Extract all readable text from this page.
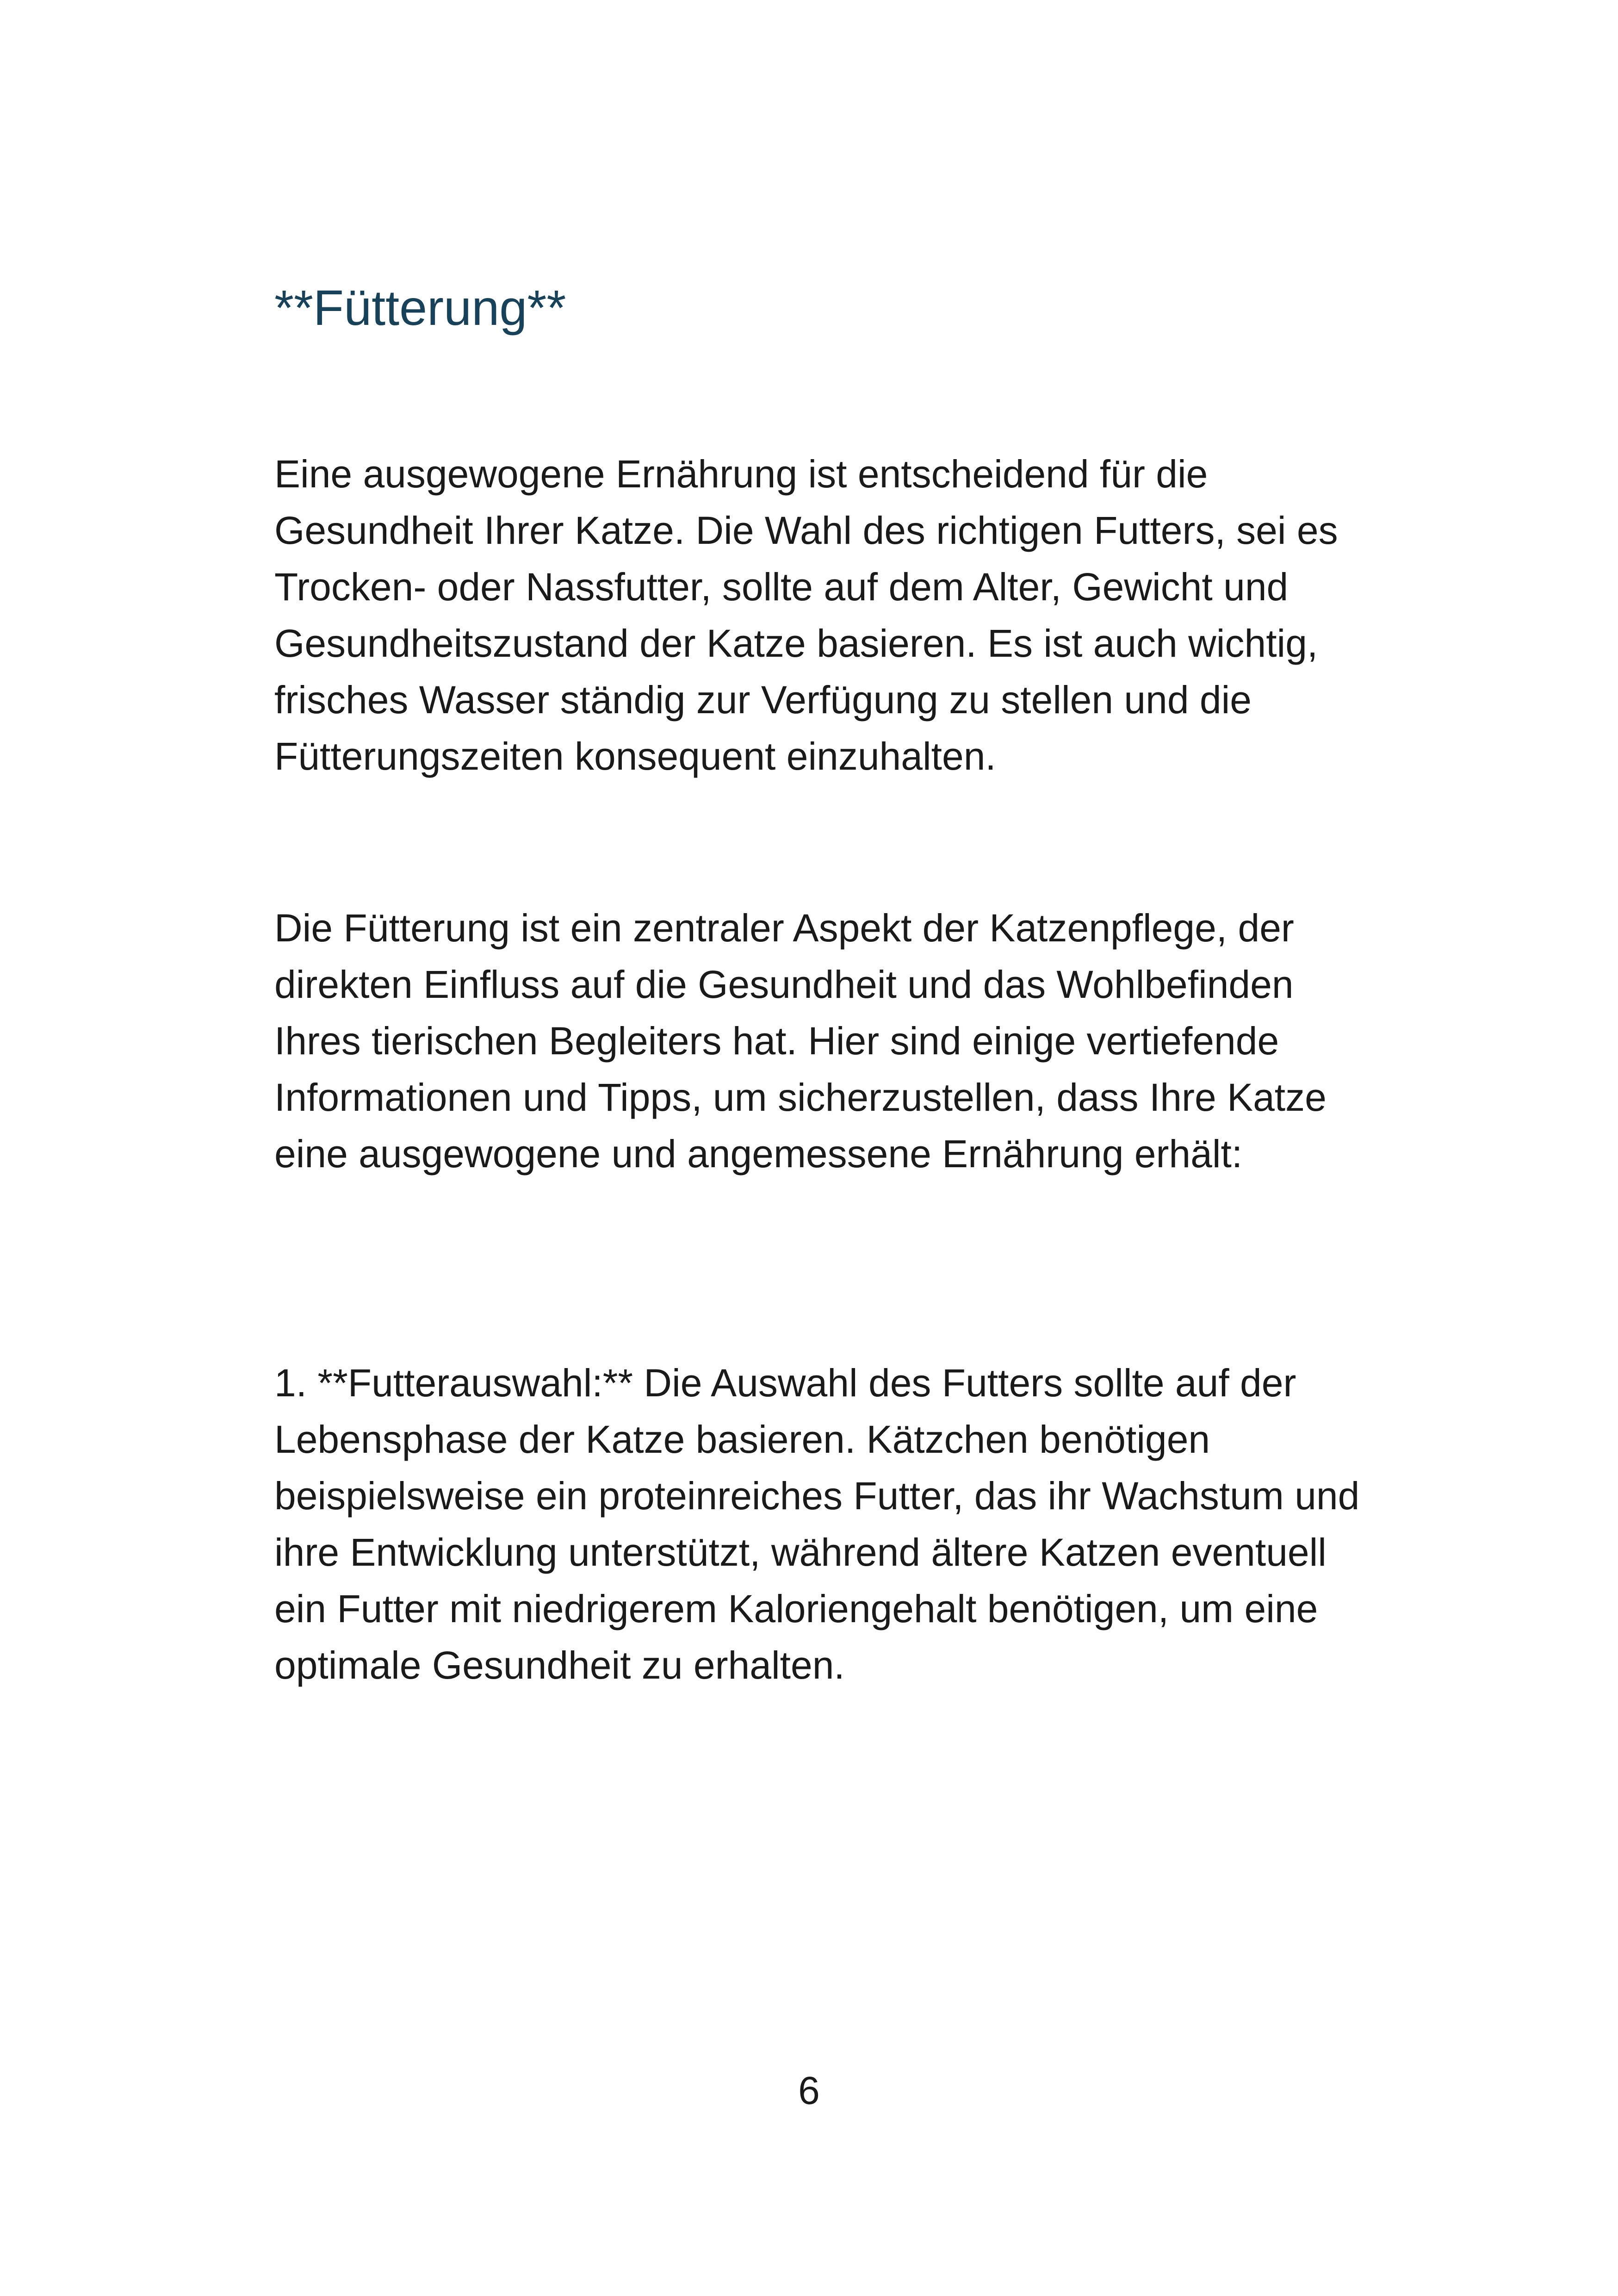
**Fütterung**

Eine ausgewogene Ernährung ist entscheidend für die Gesundheit Ihrer Katze. Die Wahl des richtigen Futters, sei es Trocken- oder Nassfutter, sollte auf dem Alter, Gewicht und Gesundheitszustand der Katze basieren. Es ist auch wichtig, frisches Wasser ständig zur Verfügung zu stellen und die Fütterungszeiten konsequent einzuhalten.

Die Fütterung ist ein zentraler Aspekt der Katzenpflege, der direkten Einfluss auf die Gesundheit und das Wohlbefinden Ihres tierischen Begleiters hat. Hier sind einige vertiefende Informationen und Tipps, um sicherzustellen, dass Ihre Katze eine ausgewogene und angemessene Ernährung erhält:

1. **Futterauswahl:** Die Auswahl des Futters sollte auf der Lebensphase der Katze basieren. Kätzchen benötigen beispielsweise ein proteinreiches Futter, das ihr Wachstum und ihre Entwicklung unterstützt, während ältere Katzen eventuell ein Futter mit niedrigerem Kaloriengehalt benötigen, um eine optimale Gesundheit zu erhalten.

6
